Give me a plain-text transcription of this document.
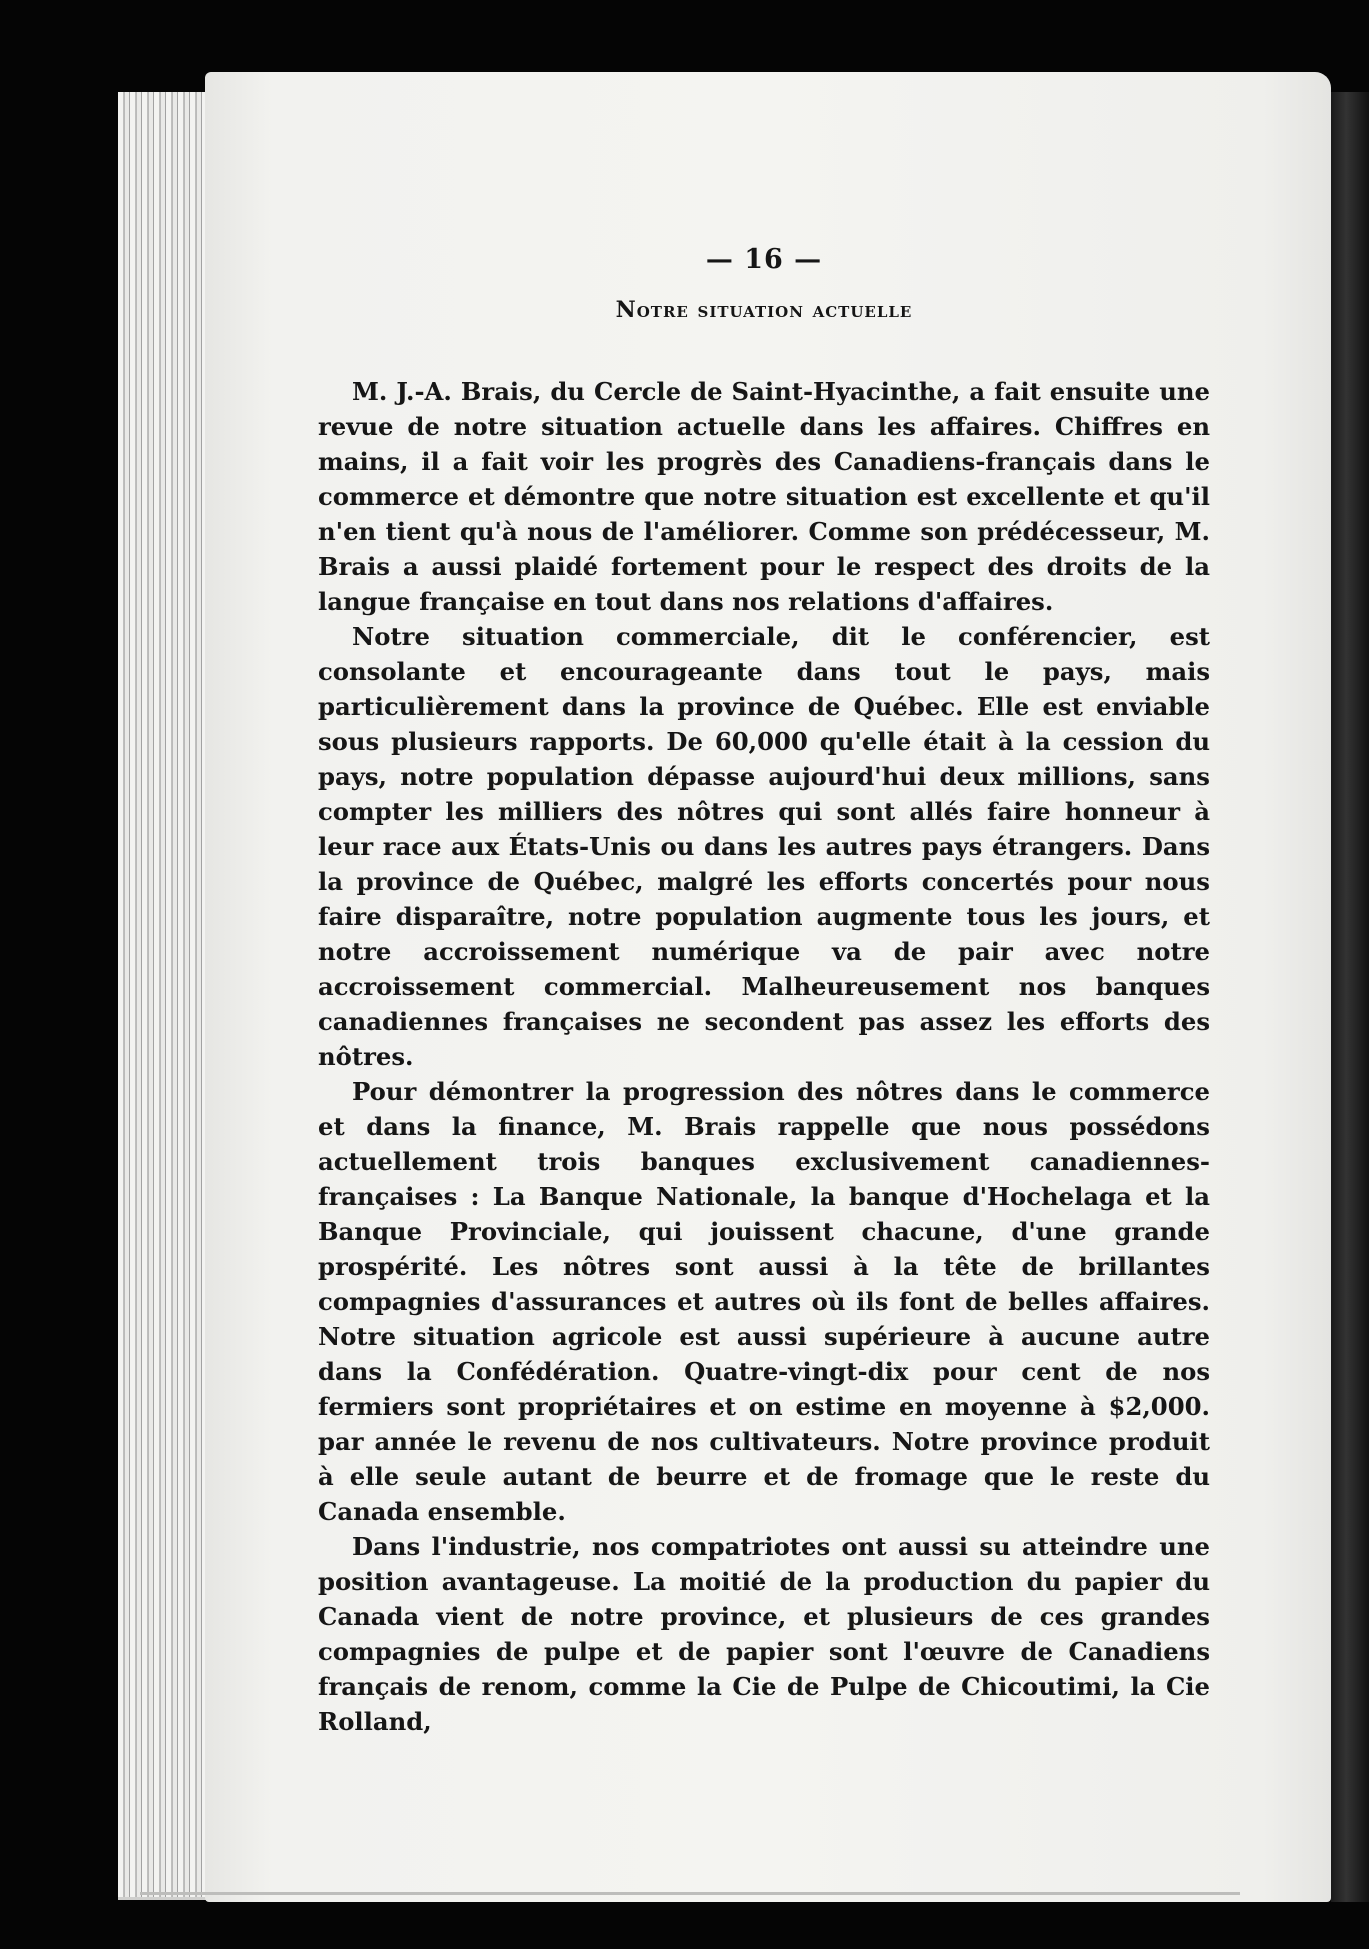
— 16 —
Notre situation actuelle

M. J.-A. Brais, du Cercle de Saint-Hyacinthe, a fait ensuite une revue de notre situation actuelle dans les affaires. Chiffres en mains, il a fait voir les progrès des Canadiens-français dans le commerce et démontre que notre situation est excellente et qu'il n'en tient qu'à nous de l'améliorer. Comme son prédécesseur, M. Brais a aussi plaidé fortement pour le respect des droits de la langue française en tout dans nos relations d'affaires.

Notre situation commerciale, dit le conférencier, est consolante et encourageante dans tout le pays, mais particulièrement dans la province de Québec. Elle est enviable sous plusieurs rapports. De 60,000 qu'elle était à la cession du pays, notre population dépasse aujourd'hui deux millions, sans compter les milliers des nôtres qui sont allés faire honneur à leur race aux États-Unis ou dans les autres pays étrangers. Dans la province de Québec, malgré les efforts concertés pour nous faire disparaître, notre population augmente tous les jours, et notre accroissement numérique va de pair avec notre accroissement commercial. Malheureusement nos banques canadiennes françaises ne secondent pas assez les efforts des nôtres.

Pour démontrer la progression des nôtres dans le commerce et dans la finance, M. Brais rappelle que nous possédons actuellement trois banques exclusivement canadiennes-françaises : La Banque Nationale, la banque d'Hochelaga et la Banque Provinciale, qui jouissent chacune, d'une grande prospérité. Les nôtres sont aussi à la tête de brillantes compagnies d'assurances et autres où ils font de belles affaires. Notre situation agricole est aussi supérieure à aucune autre dans la Confédération. Quatre-vingt-dix pour cent de nos fermiers sont propriétaires et on estime en moyenne à $2,000. par année le revenu de nos cultivateurs. Notre province produit à elle seule autant de beurre et de fromage que le reste du Canada ensemble.

Dans l'industrie, nos compatriotes ont aussi su atteindre une position avantageuse. La moitié de la production du papier du Canada vient de notre province, et plusieurs de ces grandes compagnies de pulpe et de papier sont l'œuvre de Canadiens français de renom, comme la Cie de Pulpe de Chicoutimi, la Cie Rolland,
